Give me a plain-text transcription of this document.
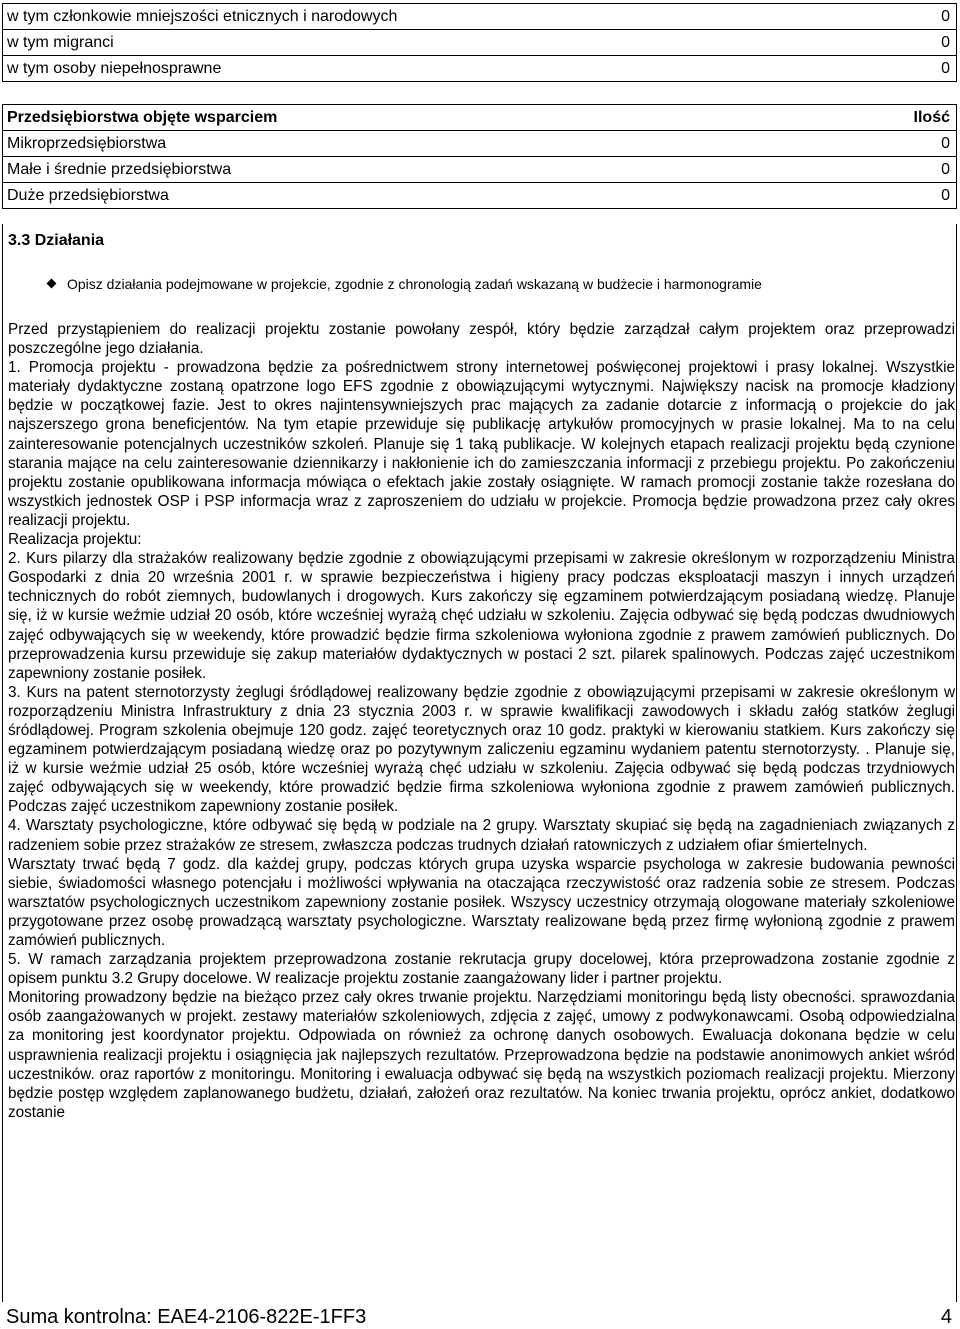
w tym członkowie mniejszości etnicznych i narodowych	0
w tym migranci	0
w tym osoby niepełnosprawne	0
Przedsiębiorstwa objęte wsparciem	Ilość
Mikroprzedsiębiorstwa	0
Małe i średnie przedsiębiorstwa	0
Duże przedsiębiorstwa	0
3.3 Działania
Opisz działania podejmowane w projekcie, zgodnie z chronologią zadań wskazaną w budżecie i harmonogramie

Przed przystąpieniem do realizacji projektu zostanie powołany zespół, który będzie zarządzał całym projektem oraz przeprowadzi poszczególne jego działania.

1. Promocja projektu - prowadzona będzie za pośrednictwem strony internetowej poświęconej projektowi i prasy lokalnej. Wszystkie materiały dydaktyczne zostaną opatrzone logo EFS zgodnie z obowiązującymi wytycznymi. Największy nacisk na promocje kładziony będzie w początkowej fazie. Jest to okres najintensywniejszych prac mających za zadanie dotarcie z informacją o projekcie do jak najszerszego grona beneficjentów. Na tym etapie przewiduje się publikację artykułów promocyjnych w prasie lokalnej. Ma to na celu zainteresowanie potencjalnych uczestników szkoleń. Planuje się 1 taką publikacje. W kolejnych etapach realizacji projektu będą czynione starania mające na celu zainteresowanie dziennikarzy i nakłonienie ich do zamieszczania informacji z przebiegu projektu. Po zakończeniu projektu zostanie opublikowana informacja mówiąca o efektach jakie zostały osiągnięte. W ramach promocji zostanie także rozesłana do wszystkich jednostek OSP i PSP informacja wraz z zaproszeniem do udziału w projekcie. Promocja będzie prowadzona przez cały okres realizacji projektu.

Realizacja projektu:

2. Kurs pilarzy dla strażaków realizowany będzie zgodnie z obowiązującymi przepisami w zakresie określonym w rozporządzeniu Ministra Gospodarki z dnia 20 września 2001 r. w sprawie bezpieczeństwa i higieny pracy podczas eksploatacji maszyn i innych urządzeń technicznych do robót ziemnych, budowlanych i drogowych. Kurs zakończy się egzaminem potwierdzającym posiadaną wiedzę. Planuje się, iż w kursie weźmie udział 20 osób, które wcześniej wyrażą chęć udziału w szkoleniu. Zajęcia odbywać się będą podczas dwudniowych zajęć odbywających się w weekendy, które prowadzić będzie firma szkoleniowa wyłoniona zgodnie z prawem zamówień publicznych. Do przeprowadzenia kursu przewiduje się zakup materiałów dydaktycznych w postaci 2 szt. pilarek spalinowych. Podczas zajęć uczestnikom zapewniony zostanie posiłek.

3. Kurs na patent sternotorzysty żeglugi śródlądowej realizowany będzie zgodnie z obowiązującymi przepisami w zakresie określonym w rozporządzeniu Ministra Infrastruktury z dnia 23 stycznia 2003 r. w sprawie kwalifikacji zawodowych i składu załóg statków żeglugi śródlądowej. Program szkolenia obejmuje 120 godz. zajęć teoretycznych oraz 10 godz. praktyki w kierowaniu statkiem. Kurs zakończy się egzaminem potwierdzającym posiadaną wiedzę oraz po pozytywnym zaliczeniu egzaminu wydaniem patentu sternotorzysty. . Planuje się, iż w kursie weźmie udział 25 osób, które wcześniej wyrażą chęć udziału w szkoleniu. Zajęcia odbywać się będą podczas trzydniowych zajęć odbywających się w weekendy, które prowadzić będzie firma szkoleniowa wyłoniona zgodnie z prawem zamówień publicznych. Podczas zajęć uczestnikom zapewniony zostanie posiłek.

4. Warsztaty psychologiczne, które odbywać się będą w podziale na 2 grupy. Warsztaty skupiać się będą na zagadnieniach związanych z radzeniem sobie przez strażaków ze stresem, zwłaszcza podczas trudnych działań ratowniczych z udziałem ofiar śmiertelnych.

Warsztaty trwać będą 7 godz. dla każdej grupy, podczas których grupa uzyska wsparcie psychologa w zakresie budowania pewności siebie, świadomości własnego potencjału i możliwości wpływania na otaczająca rzeczywistość oraz radzenia sobie ze stresem. Podczas warsztatów psychologicznych uczestnikom zapewniony zostanie posiłek. Wszyscy uczestnicy otrzymają ologowane materiały szkoleniowe przygotowane przez osobę prowadzącą warsztaty psychologiczne. Warsztaty realizowane będą przez firmę wyłonioną zgodnie z prawem zamówień publicznych.

5. W ramach zarządzania projektem przeprowadzona zostanie rekrutacja grupy docelowej, która przeprowadzona zostanie zgodnie z opisem punktu 3.2 Grupy docelowe. W realizacje projektu zostanie zaangażowany lider i partner projektu.

Monitoring prowadzony będzie na bieżąco przez cały okres trwanie projektu. Narzędziami monitoringu będą listy obecności. sprawozdania osób zaangażowanych w projekt. zestawy materiałów szkoleniowych, zdjęcia z zajęć, umowy z podwykonawcami. Osobą odpowiedzialna za monitoring jest koordynator projektu. Odpowiada on również za ochronę danych osobowych. Ewaluacja dokonana będzie w celu usprawnienia realizacji projektu i osiągnięcia jak najlepszych rezultatów. Przeprowadzona będzie na podstawie anonimowych ankiet wśród uczestników. oraz raportów z monitoringu. Monitoring i ewaluacja odbywać się będą na wszystkich poziomach realizacji projektu. Mierzony będzie postęp względem zaplanowanego budżetu, działań, założeń oraz rezultatów. Na koniec trwania projektu, oprócz ankiet, dodatkowo zostanie

Suma kontrolna: EAE4-2106-822E-1FF3	4
